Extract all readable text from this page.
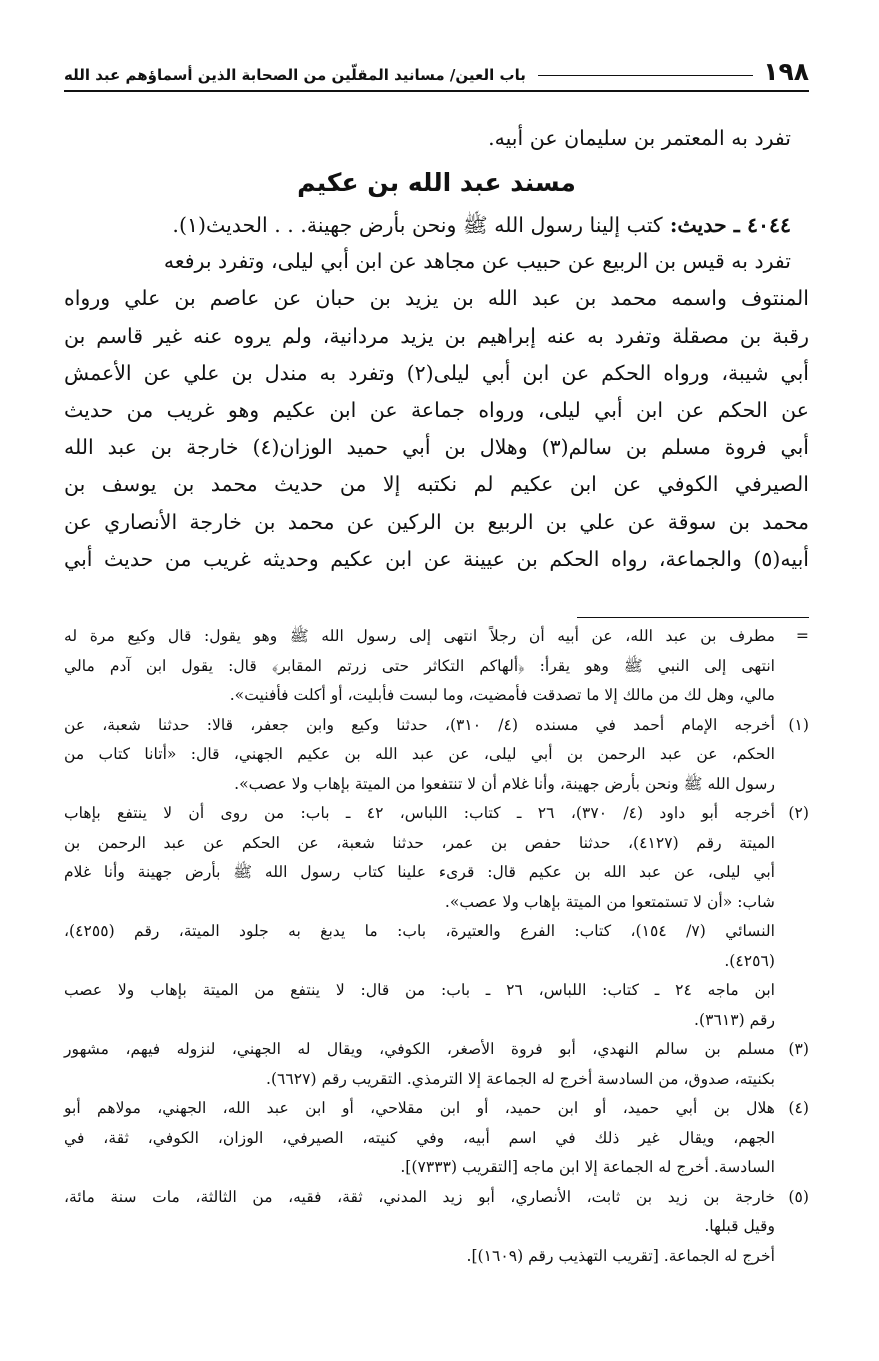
١٩٨
باب العين/ مسانيد المقلّين من الصحابة الذين أسماؤهم عبد الله
تفرد به المعتمر بن سليمان عن أبيه.
مسند عبد الله بن عكيم
٤٠٤٤ ـ حديث: كتب إلينا رسول الله ﷺ ونحن بأرض جهينة. . . الحديث(١).
تفرد به قيس بن الربيع عن حبيب عن مجاهد عن ابن أبي ليلى، وتفرد برفعه
المنتوف واسمه محمد بن عبد الله بن يزيد بن حبان عن عاصم بن علي ورواه
رقبة بن مصقلة وتفرد به عنه إبراهيم بن يزيد مردانية، ولم يروه عنه غير قاسم بن
أبي شيبة، ورواه الحكم عن ابن أبي ليلى(٢) وتفرد به مندل بن علي عن الأعمش
عن الحكم عن ابن أبي ليلى، ورواه جماعة عن ابن عكيم وهو غريب من حديث
أبي فروة مسلم بن سالم(٣) وهلال بن أبي حميد الوزان(٤) خارجة بن عبد الله
الصيرفي الكوفي عن ابن عكيم لم نكتبه إلا من حديث محمد بن يوسف بن
محمد بن سوقة عن علي بن الربيع بن الركين عن محمد بن خارجة الأنصاري عن
أبيه(٥) والجماعة، رواه الحكم بن عيينة عن ابن عكيم وحديثه غريب من حديث أبي
=
مطرف بن عبد الله، عن أبيه أن رجلاً انتهى إلى رسول الله ﷺ وهو يقول: قال وكيع مرة له
انتهى إلى النبي ﷺ وهو يقرأ: ﴿ألهاكم التكاثر حتى زرتم المقابر﴾ قال: يقول ابن آدم مالي
مالي، وهل لك من مالك إلا ما تصدقت فأمضيت، وما لبست فأبليت، أو أكلت فأفنيت».
(١)
أخرجه الإمام أحمد في مسنده (٤/ ٣١٠)، حدثنا وكيع وابن جعفر، قالا: حدثنا شعبة، عن
الحكم، عن عبد الرحمن بن أبي ليلى، عن عبد الله بن عكيم الجهني، قال: «أتانا كتاب من
رسول الله ﷺ ونحن بأرض جهينة، وأنا غلام أن لا تنتفعوا من الميتة بإهاب ولا عصب».
(٢)
أخرجه أبو داود (٤/ ٣٧٠)، ٢٦ ـ كتاب: اللباس، ٤٢ ـ باب: من روى أن لا ينتفع بإهاب
الميتة رقم (٤١٢٧)، حدثنا حفص بن عمر، حدثنا شعبة، عن الحكم عن عبد الرحمن بن
أبي ليلى، عن عبد الله بن عكيم قال: قرىء علينا كتاب رسول الله ﷺ بأرض جهينة وأنا غلام
شاب: «أن لا تستمتعوا من الميتة بإهاب ولا عصب».
النسائي (٧/ ١٥٤)، كتاب: الفرع والعتيرة، باب: ما يدبغ به جلود الميتة، رقم (٤٢٥٥)،
(٤٢٥٦).
ابن ماجه ٢٤ ـ كتاب: اللباس، ٢٦ ـ باب: من قال: لا ينتفع من الميتة بإهاب ولا عصب
رقم (٣٦١٣).
(٣)
مسلم بن سالم النهدي، أبو فروة الأصغر، الكوفي، ويقال له الجهني، لنزوله فيهم، مشهور
بكنيته، صدوق، من السادسة أخرج له الجماعة إلا الترمذي. التقريب رقم (٦٦٢٧).
(٤)
هلال بن أبي حميد، أو ابن حميد، أو ابن مقلاحي، أو ابن عبد الله، الجهني، مولاهم أبو
الجهم، ويقال غير ذلك في اسم أبيه، وفي كنيته، الصيرفي، الوزان، الكوفي، ثقة، في
السادسة. أخرج له الجماعة إلا ابن ماجه [التقريب (٧٣٣٣)].
(٥)
خارجة بن زيد بن ثابت، الأنصاري، أبو زيد المدني، ثقة، فقيه، من الثالثة، مات سنة مائة،
وقيل قبلها.
أخرج له الجماعة. [تقريب التهذيب رقم (١٦٠٩)].
